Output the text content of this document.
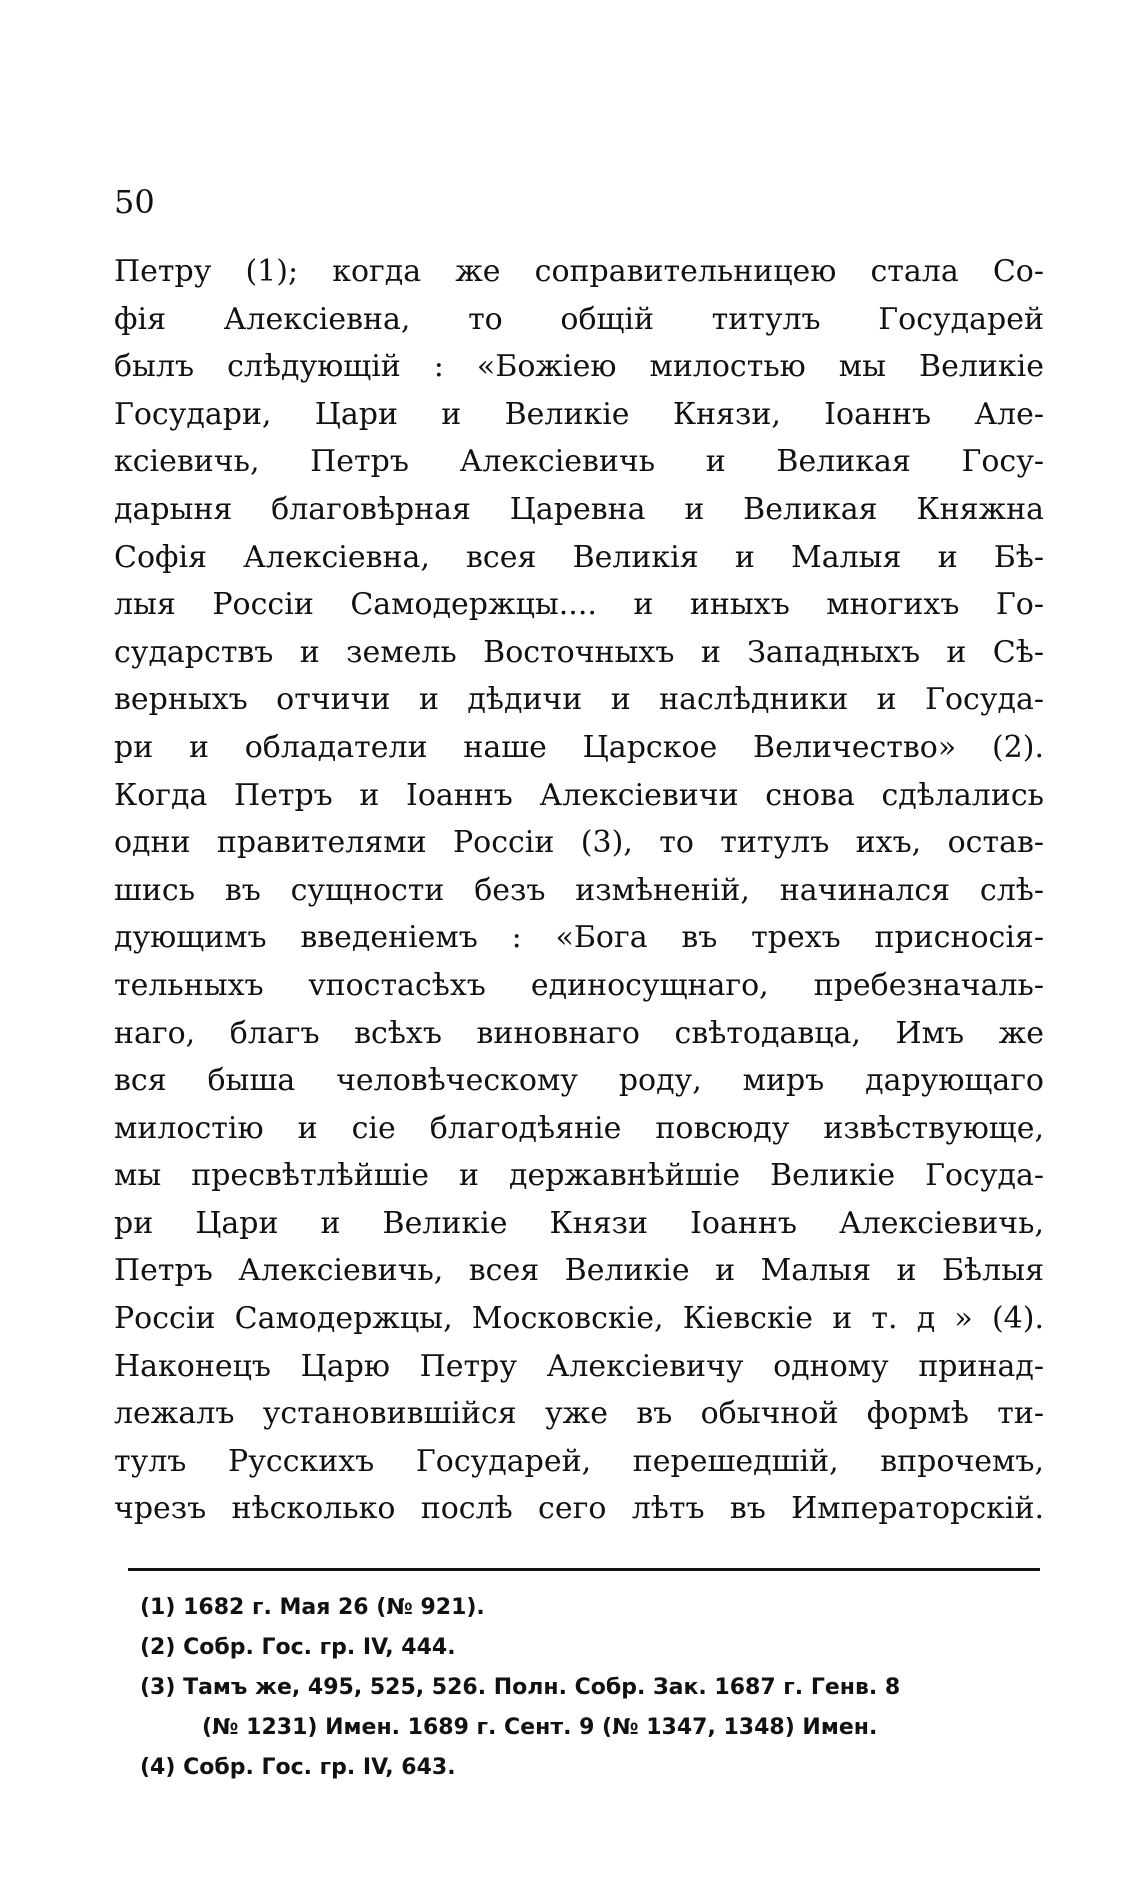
50
Петру (1); когда же соправительницею стала Со-
фія Алексіевна, то общій титулъ Государей
былъ слѣдующій : «Божіею милостью мы Великіе
Государи, Цари и Великіе Князи, Іоаннъ Але-
ксіевичь, Петръ Алексіевичь и Великая Госу-
дарыня благовѣрная Царевна и Великая Княжна
Софія Алексіевна, всея Великія и Малыя и Бѣ-
лыя Россіи Самодержцы.... и иныхъ многихъ Го-
сударствъ и земель Восточныхъ и Западныхъ и Сѣ-
верныхъ отчичи и дѣдичи и наслѣдники и Госуда-
ри и обладатели наше Царское Величество» (2).
Когда Петръ и Іоаннъ Алексіевичи снова сдѣлались
одни правителями Россіи (3), то титулъ ихъ, остав-
шись въ сущности безъ измѣненій, начинался слѣ-
дующимъ введеніемъ : «Бога въ трехъ присносія-
тельныхъ vпостасѣхъ единосущнаго, пребезначаль-
наго, благъ всѣхъ виновнаго свѣтодавца, Имъ же
вся быша человѣческому роду, миръ дарующаго
милостію и сіе благодѣяніе повсюду извѣствующе,
мы пресвѣтлѣйшіе и державнѣйшіе Великіе Госуда-
ри Цари и Великіе Князи Іоаннъ Алексіевичь,
Петръ Алексіевичь, всея Великіе и Малыя и Бѣлыя
Россіи Самодержцы, Московскіе, Кіевскіе и т. д » (4).
Наконецъ Царю Петру Алексіевичу одному принад-
лежалъ установившійся уже въ обычной формѣ ти-
тулъ Русскихъ Государей, перешедшій, впрочемъ,
чрезъ нѣсколько послѣ сего лѣтъ въ Императорскій.
(1) 1682 г. Мая 26 (№ 921).
(2) Собр. Гос. гр. IV, 444.
(3) Тамъ же, 495, 525, 526. Полн. Собр. Зак. 1687 г. Генв. 8
(№ 1231) Имен. 1689 г. Сент. 9 (№ 1347, 1348) Имен.
(4) Собр. Гос. гр. IV, 643.
